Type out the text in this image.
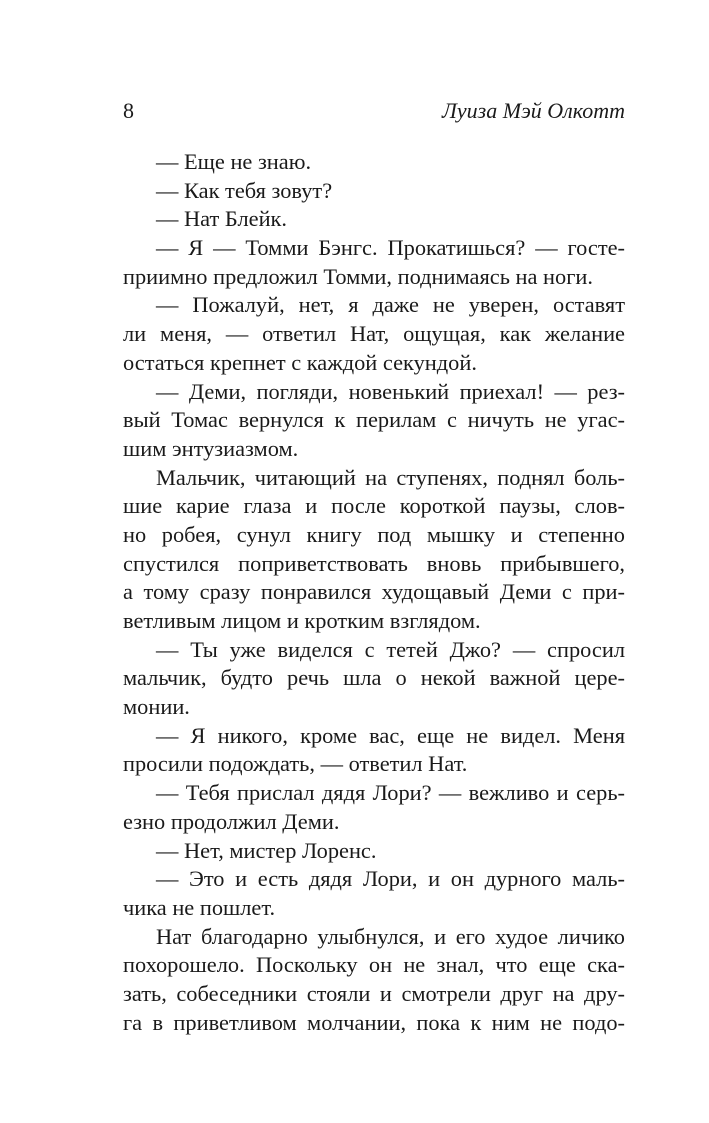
8	Луиза Мэй Олкотт
— Еще не знаю.
— Как тебя зовут?
— Нат Блейк.
— Я — Томми Бэнгс. Прокатишься? — госте-
приимно предложил Томми, поднимаясь на ноги.
— Пожалуй, нет, я даже не уверен, оставят
ли меня, — ответил Нат, ощущая, как желание
остаться крепнет с каждой секундой.
— Деми, погляди, новенький приехал! — рез-
вый Томас вернулся к перилам с ничуть не угас-
шим энтузиазмом.
Мальчик, читающий на ступенях, поднял боль-
шие карие глаза и после короткой паузы, слов-
но робея, сунул книгу под мышку и степенно
спустился поприветствовать вновь прибывшего,
а тому сразу понравился худощавый Деми с при-
ветливым лицом и кротким взглядом.
— Ты уже виделся с тетей Джо? — спросил
мальчик, будто речь шла о некой важной цере-
монии.
— Я никого, кроме вас, еще не видел. Меня
просили подождать, — ответил Нат.
— Тебя прислал дядя Лори? — вежливо и серь-
езно продолжил Деми.
— Нет, мистер Лоренс.
— Это и есть дядя Лори, и он дурного маль-
чика не пошлет.
Нат благодарно улыбнулся, и его худое личико
похорошело. Поскольку он не знал, что еще ска-
зать, собеседники стояли и смотрели друг на дру-
га в приветливом молчании, пока к ним не подо-
